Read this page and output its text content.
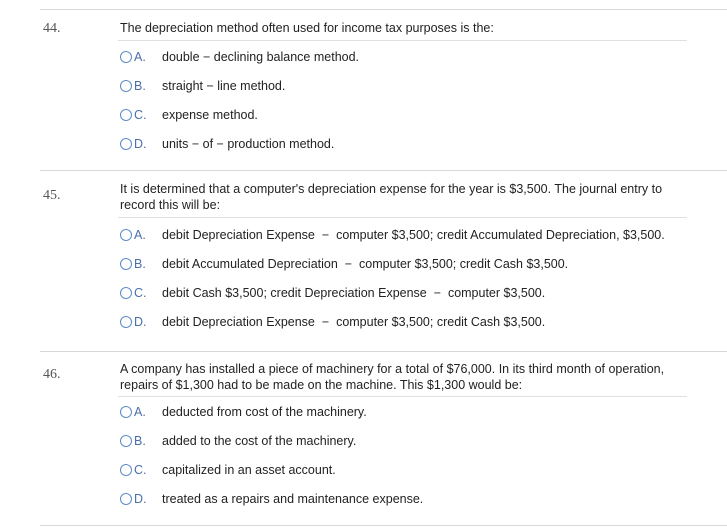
44.	The depreciation method often used for income tax purposes is the:
A.	double − declining balance method.
B.	straight − line method.
C.	expense method.
D.	units − of − production method.
45.	It is determined that a computer's depreciation expense for the year is $3,500. The journal entry to record this will be:
A.	debit Depreciation Expense  −  computer $3,500; credit Accumulated Depreciation, $3,500.
B.	debit Accumulated Depreciation  −  computer $3,500; credit Cash $3,500.
C.	debit Cash $3,500; credit Depreciation Expense  −  computer $3,500.
D.	debit Depreciation Expense  −  computer $3,500; credit Cash $3,500.
46.	A company has installed a piece of machinery for a total of $76,000. In its third month of operation, repairs of $1,300 had to be made on the machine. This $1,300 would be:
A.	deducted from cost of the machinery.
B.	added to the cost of the machinery.
C.	capitalized in an asset account.
D.	treated as a repairs and maintenance expense.
